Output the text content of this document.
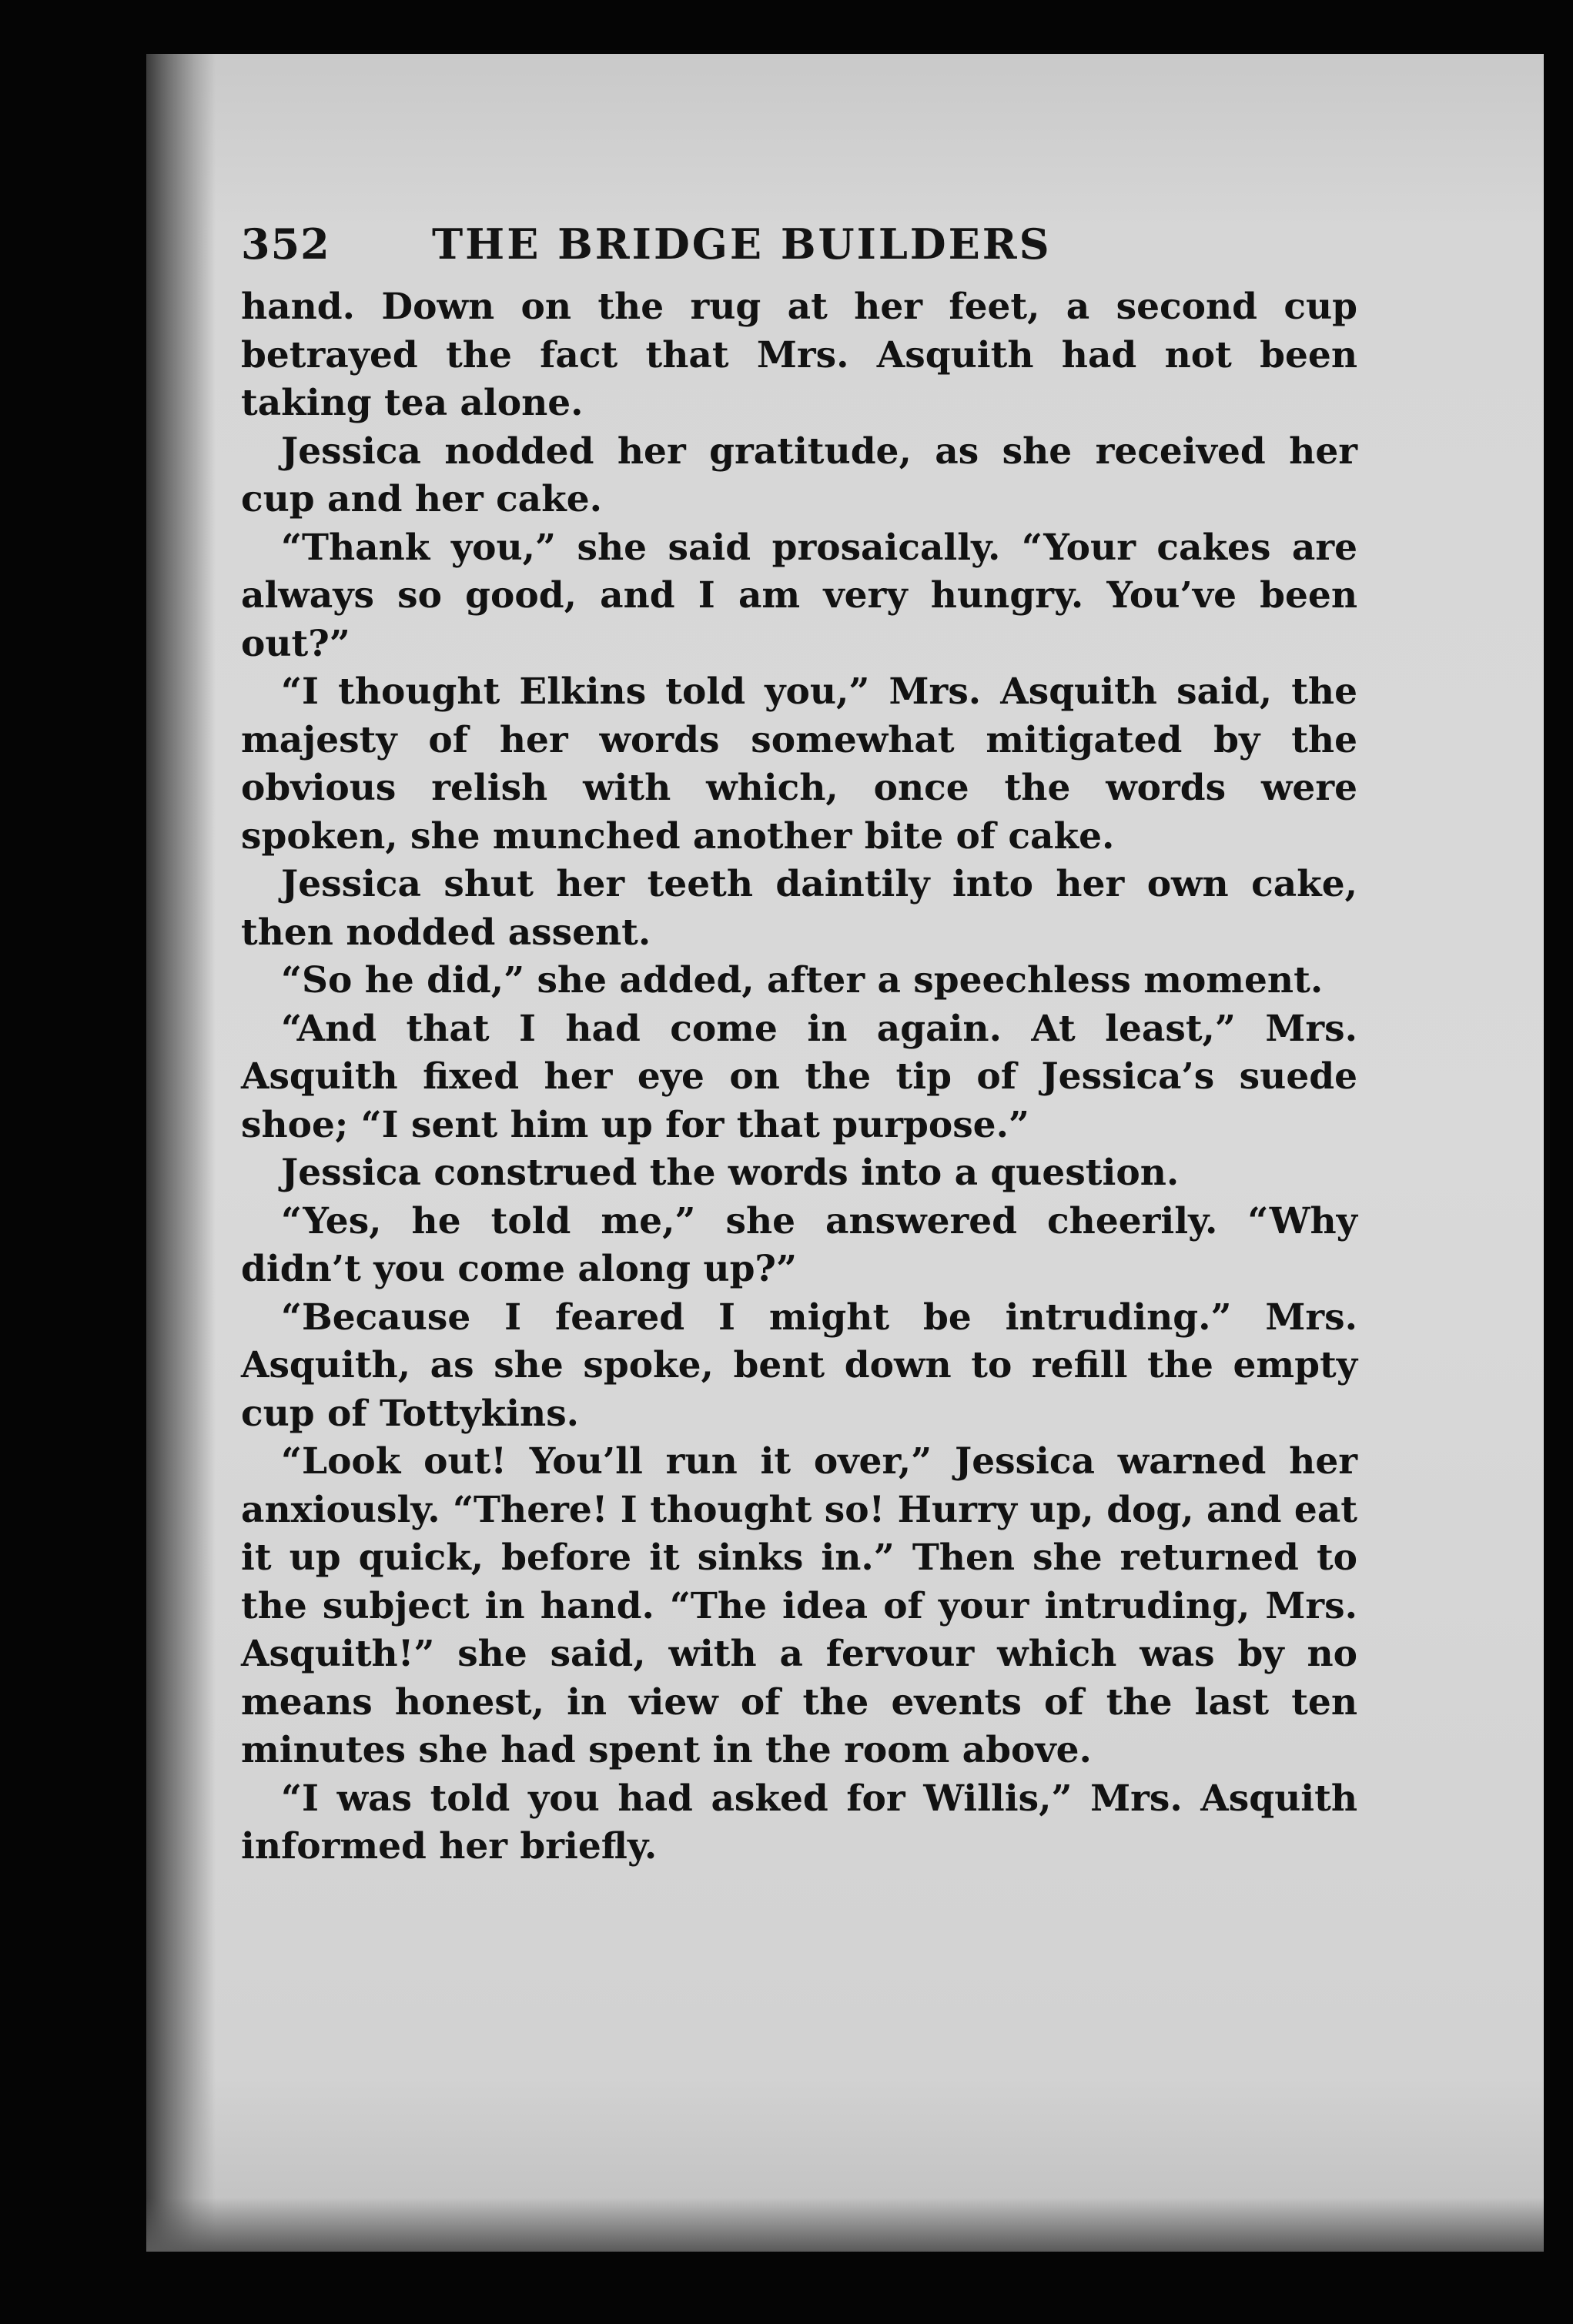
352 THE BRIDGE BUILDERS

hand. Down on the rug at her feet, a second cup betrayed the fact that Mrs. Asquith had not been taking tea alone.

Jessica nodded her gratitude, as she received her cup and her cake.

“Thank you,” she said prosaically. “Your cakes are always so good, and I am very hungry. You’ve been out?”

“I thought Elkins told you,” Mrs. Asquith said, the majesty of her words somewhat mitigated by the obvious relish with which, once the words were spoken, she munched another bite of cake.

Jessica shut her teeth daintily into her own cake, then nodded assent.

“So he did,” she added, after a speechless moment.

“And that I had come in again. At least,” Mrs. Asquith fixed her eye on the tip of Jessica’s suede shoe; “I sent him up for that purpose.”

Jessica construed the words into a question.

“Yes, he told me,” she answered cheerily. “Why didn’t you come along up?”

“Because I feared I might be intruding.” Mrs. Asquith, as she spoke, bent down to refill the empty cup of Tottykins.

“Look out! You’ll run it over,” Jessica warned her anxiously. “There! I thought so! Hurry up, dog, and eat it up quick, before it sinks in.” Then she returned to the subject in hand. “The idea of your intruding, Mrs. Asquith!” she said, with a fervour which was by no means honest, in view of the events of the last ten minutes she had spent in the room above.

“I was told you had asked for Willis,” Mrs. Asquith informed her briefly.
